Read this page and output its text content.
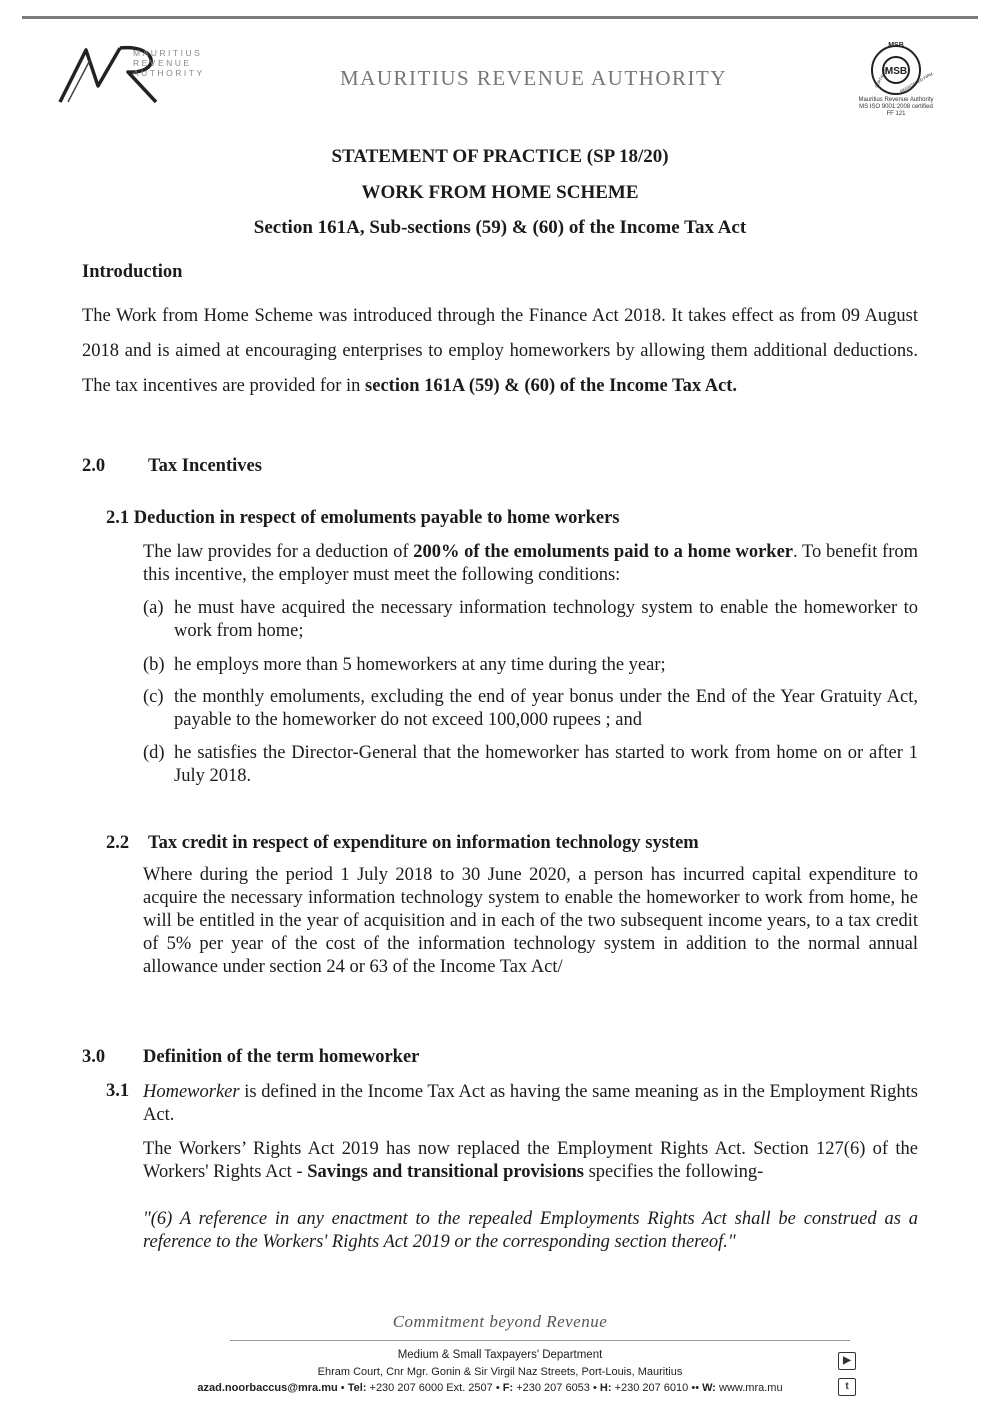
MAURITIUS
REVENUE
AUTHORITY	MAURITIUS REVENUE AUTHORITY	MSB
MSB
CERTIFIED	REGISTERED FIRM
Mauritius Revenue Authority
MS ISO 9001:2008 certified
FF 121
STATEMENT OF PRACTICE (SP 18/20)
WORK FROM HOME SCHEME
Section 161A, Sub-sections (59) & (60) of the Income Tax Act
Introduction
The Work from Home Scheme was introduced through the Finance Act 2018. It takes effect as from 09 August 2018 and is aimed at encouraging enterprises to employ homeworkers by allowing them additional deductions. The tax incentives are provided for in section 161A (59) & (60) of the Income Tax Act.
2.0 Tax Incentives
2.1 Deduction in respect of emoluments payable to home workers
The law provides for a deduction of 200% of the emoluments paid to a home worker. To benefit from this incentive, the employer must meet the following conditions:
(a) he must have acquired the necessary information technology system to enable the homeworker to work from home;
(b) he employs more than 5 homeworkers at any time during the year;
(c) the monthly emoluments, excluding the end of year bonus under the End of the Year Gratuity Act, payable to the homeworker do not exceed 100,000 rupees ; and
(d) he satisfies the Director-General that the homeworker has started to work from home on or after 1 July 2018.
2.2 Tax credit in respect of expenditure on information technology system
Where during the period 1 July 2018 to 30 June 2020, a person has incurred capital expenditure to acquire the necessary information technology system to enable the homeworker to work from home, he will be entitled in the year of acquisition and in each of the two subsequent income years, to a tax credit of 5% per year of the cost of the information technology system in addition to the normal annual allowance under section 24 or 63 of the Income Tax Act/
3.0 Definition of the term homeworker
3.1 Homeworker is defined in the Income Tax Act as having the same meaning as in the Employment Rights Act.
The Workers’ Rights Act 2019 has now replaced the Employment Rights Act. Section 127(6) of the Workers' Rights Act - Savings and transitional provisions specifies the following-
"(6) A reference in any enactment to the repealed Employments Rights Act shall be construed as a reference to the Workers' Rights Act 2019 or the corresponding section thereof."
Commitment beyond Revenue
Medium & Small Taxpayers' Department
Ehram Court, Cnr Mgr. Gonin & Sir Virgil Naz Streets, Port-Louis, Mauritius
azad.noorbaccus@mra.mu • Tel: +230 207 6000 Ext. 2507 • F: +230 207 6053 • H: +230 207 6010 •• W: www.mra.mu
▶
t
